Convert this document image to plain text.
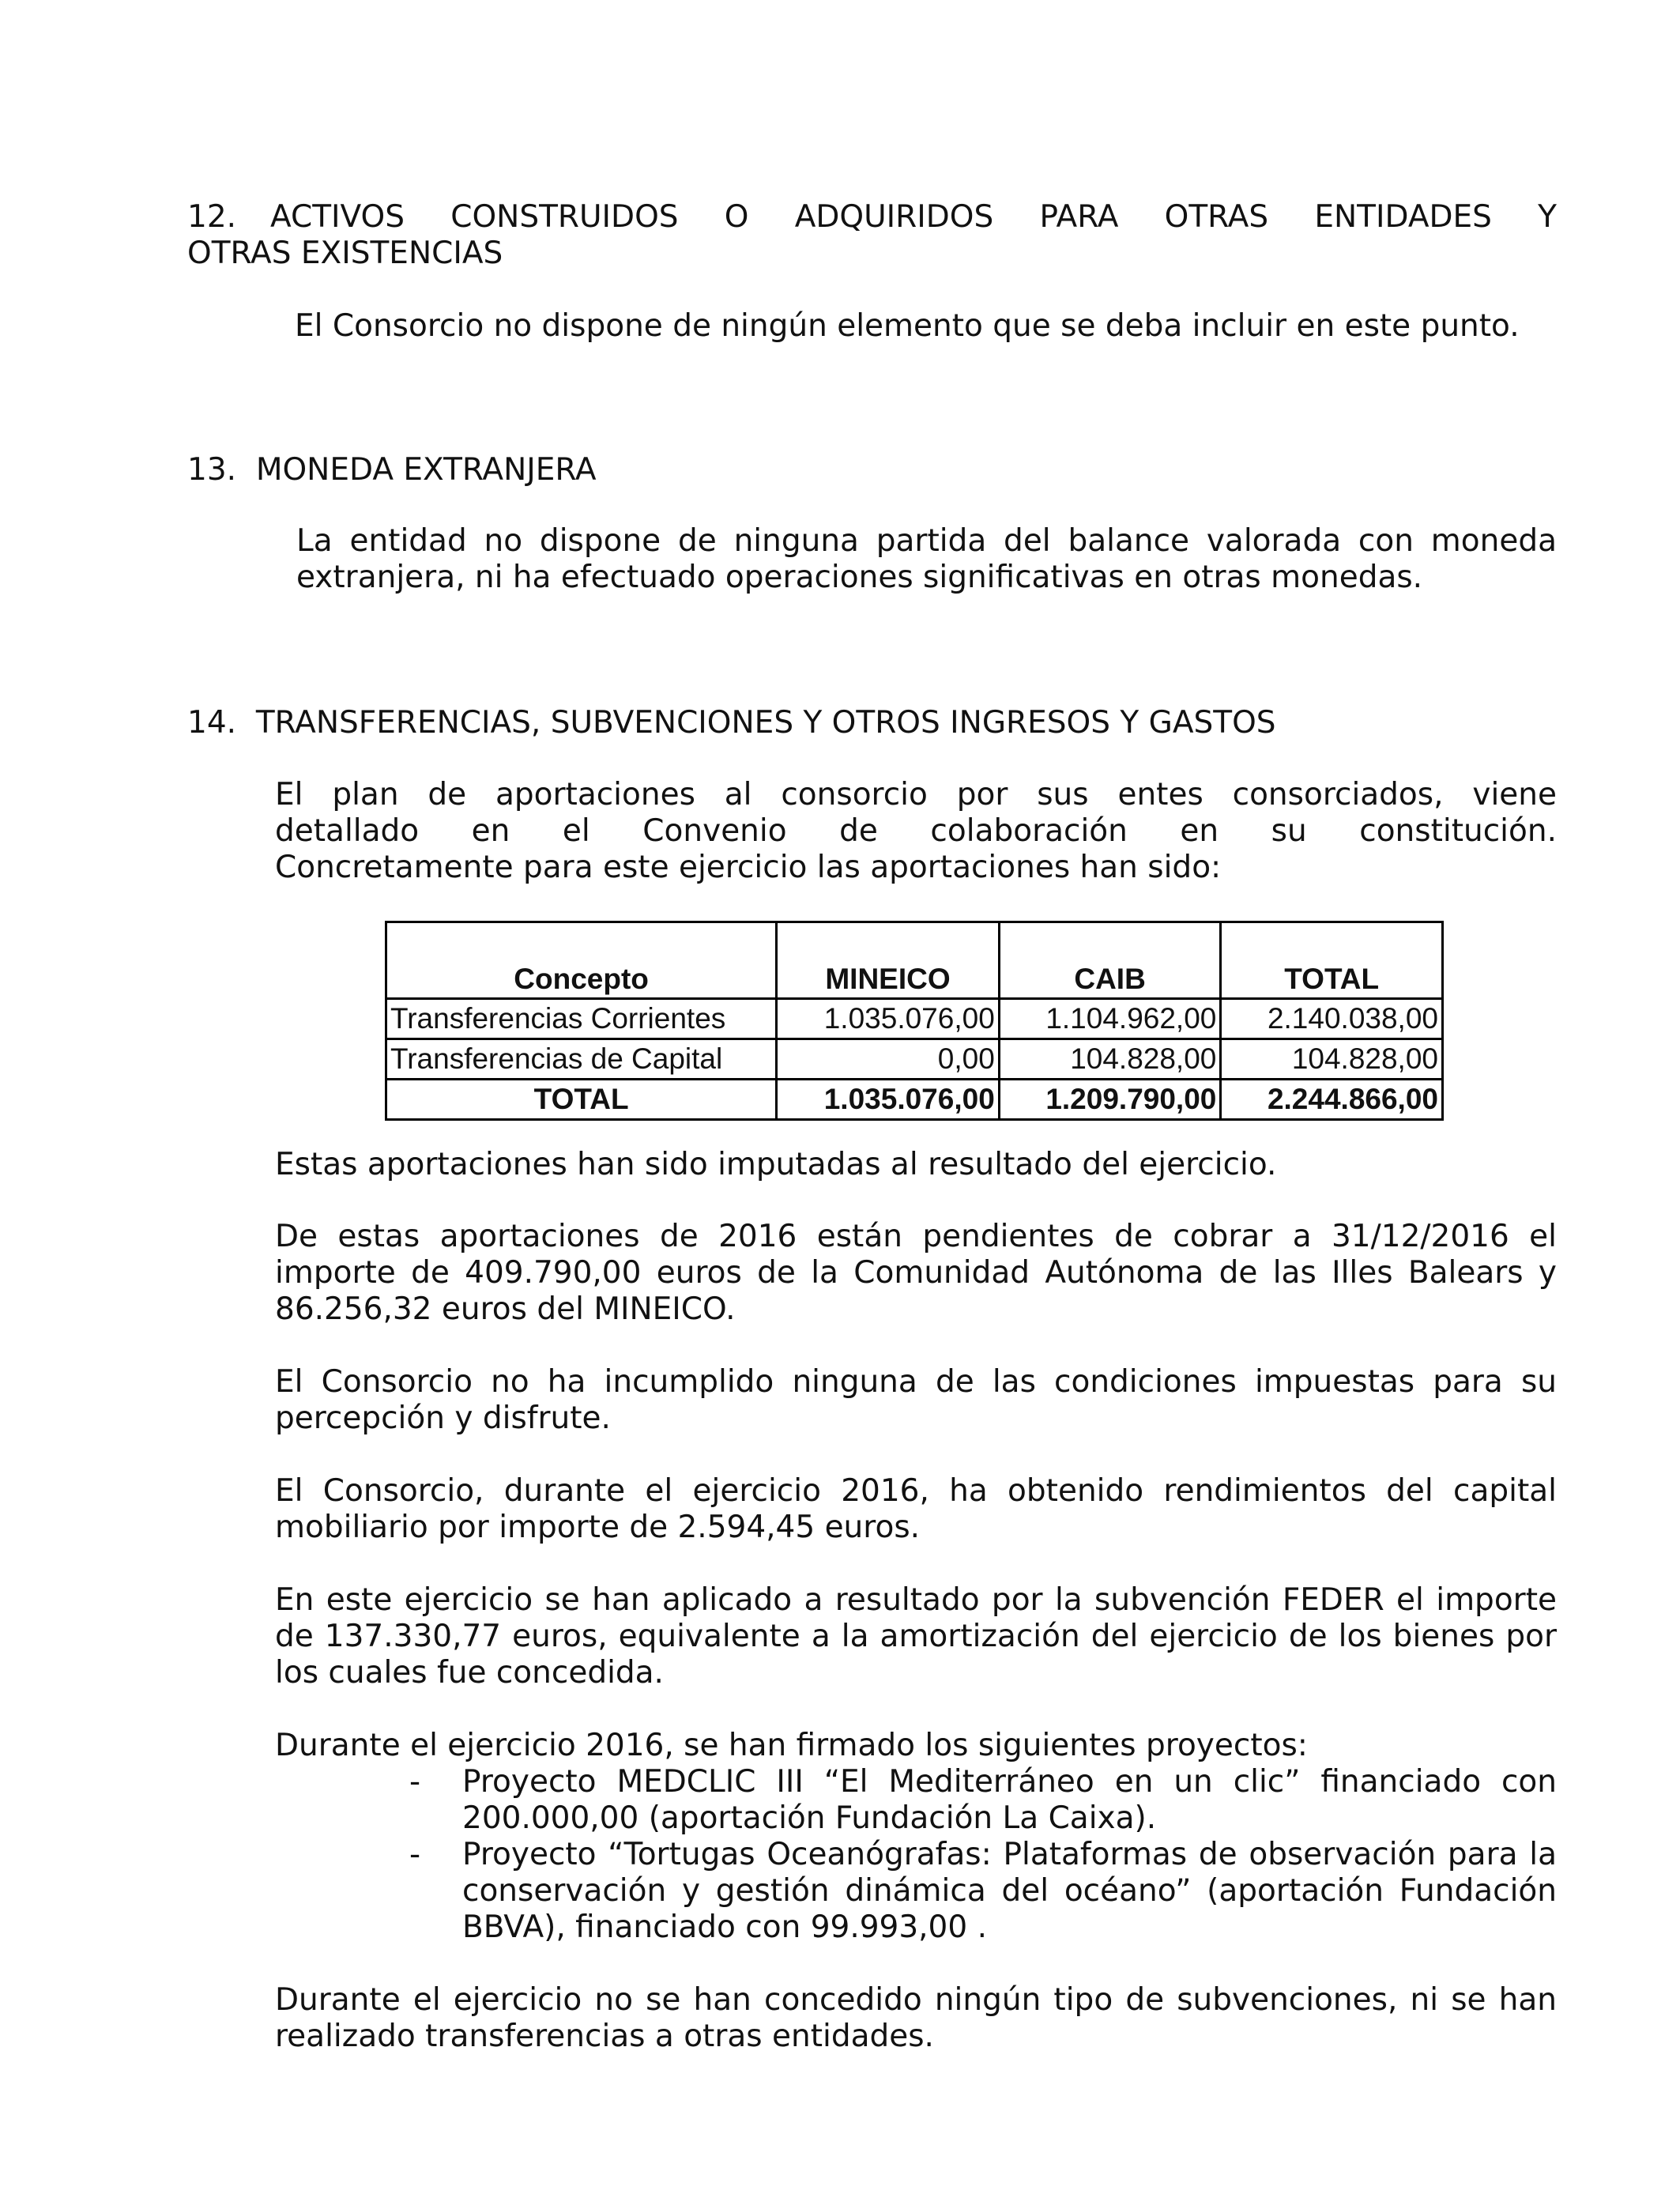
12. ACTIVOS CONSTRUIDOS O ADQUIRIDOS PARA OTRAS ENTIDADES Y
OTRAS EXISTENCIAS

El Consorcio no dispone de ningún elemento que se deba incluir en este punto.

13.  MONEDA EXTRANJERA

La entidad no dispone de ninguna partida del balance valorada con moneda extranjera, ni ha efectuado operaciones significativas en otras monedas.

14.  TRANSFERENCIAS, SUBVENCIONES Y OTROS INGRESOS Y GASTOS
El plan de aportaciones al consorcio por sus entes consorciados, viene
detallado en el Convenio de colaboración en su constitución.
Concretamente para este ejercicio las aportaciones han sido:
Concepto	MINEICO	CAIB	TOTAL
Transferencias Corrientes	1.035.076,00	1.104.962,00	2.140.038,00
Transferencias de Capital	0,00	104.828,00	104.828,00
TOTAL	1.035.076,00	1.209.790,00	2.244.866,00

Estas aportaciones han sido imputadas al resultado del ejercicio.

De estas aportaciones de 2016 están pendientes de cobrar a 31/12/2016 el importe de 409.790,00 euros de la Comunidad Autónoma de las Illes Balears y 86.256,32 euros del MINEICO.

El Consorcio no ha incumplido ninguna de las condiciones impuestas para su percepción y disfrute.

El Consorcio, durante el ejercicio 2016, ha obtenido rendimientos del capital mobiliario por importe de 2.594,45 euros.

En este ejercicio se han aplicado a resultado por la subvención FEDER el importe de 137.330,77 euros, equivalente a la amortización del ejercicio de los bienes por los cuales fue concedida.

Durante el ejercicio 2016, se han firmado los siguientes proyectos:

- Proyecto MEDCLIC III “El Mediterráneo en un clic” financiado con 200.000,00 (aportación Fundación La Caixa).

- Proyecto “Tortugas Oceanógrafas: Plataformas de observación para la conservación y gestión dinámica del océano” (aportación Fundación BBVA), financiado con 99.993,00 .

Durante el ejercicio no se han concedido ningún tipo de subvenciones, ni se han realizado transferencias a otras entidades.
